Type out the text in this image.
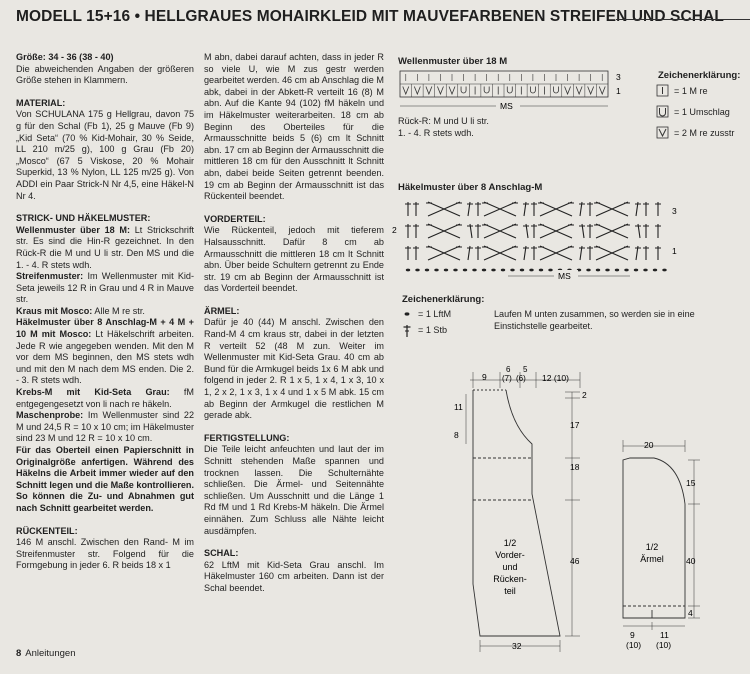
MODELL 15+16 • HELLGRAUES MOHAIRKLEID MIT MAUVEFARBENEN STREIFEN UND SCHAL

Größe: 34 - 36 (38 - 40)
Die abweichenden Angaben der größeren Größe stehen in Klammern.

MATERIAL:
Von SCHULANA 175 g Hellgrau, davon 75 g für den Schal (Fb 1), 25 g Mauve (Fb 9) „Kid Seta“ (70 % Kid-Mohair, 30 % Seide, LL 210 m/25 g), 100 g Grau (Fb 20) „Mosco“ (67 5 Viskose, 20 % Mohair Superkid, 13 % Nylon, LL 125 m/25 g). Von ADDI ein Paar Strick-N Nr 4,5, eine Häkel-N Nr 4.

STRICK- UND HÄKELMUSTER:
Wellenmuster über 18 M: Lt Strickschrift str. Es sind die Hin-R gezeichnet. In den Rück-R die M und U li str. Den MS und die 1. - 4. R stets wdh.
Streifenmuster: Im Wellenmuster mit Kid-Seta jeweils 12 R in Grau und 4 R in Mauve str.
Kraus mit Mosco: Alle M re str.
Häkelmuster über 8 Anschlag-M + 4 M + 10 M mit Mosco: Lt Häkelschrift arbeiten. Jede R wie angegeben wenden. Mit den M vor dem MS beginnen, den MS stets wdh und mit den M nach dem MS enden. Die 2. - 3. R stets wdh.
Krebs-M mit Kid-Seta Grau: fM entgegengesetzt von li nach re häkeln.
Maschenprobe: Im Wellenmuster sind 22 M und 24,5 R = 10 x 10 cm; im Häkelmuster sind 23 M und 12 R = 10 x 10 cm.
Für das Oberteil einen Papierschnitt in Originalgröße anfertigen. Während des Häkelns die Arbeit immer wieder auf den Schnitt legen und die Maße kontrollieren. So können die Zu- und Abnahmen gut nach Schnitt gearbeitet werden.

RÜCKENTEIL:
146 M anschl. Zwischen den Rand- M im Streifenmuster str. Folgend für die Formgebung in jeder 6. R beids 18 x 1

M abn, dabei darauf achten, dass in jeder R so viele U, wie M zus gestr werden gearbeitet werden. 46 cm ab Anschlag die M abk, dabei in der Abkett-R verteilt 16 (8) M abn. Auf die Kante 94 (102) fM häkeln und im Häkelmuster weiterarbeiten. 18 cm ab Beginn des Oberteiles für die Armausschnitte beids 5 (6) cm lt Schnitt abn. 17 cm ab Beginn der Armausschnitt die mittleren 18 cm für den Ausschnitt lt Schnitt abn, dabei beide Seiten getrennt beenden. 19 cm ab Beginn der Armausschnitt ist das Rückenteil beendet.

VORDERTEIL:
Wie Rückenteil, jedoch mit tieferem Halsausschnitt. Dafür 8 cm ab Armausschnitt die mittleren 18 cm lt Schnitt abn. Über beide Schultern getrennt zu Ende str. 19 cm ab Beginn der Armausschnitt ist das Vorderteil beendet.

ÄRMEL:
Dafür je 40 (44) M anschl. Zwischen den Rand-M 4 cm kraus str, dabei in der letzten R verteilt 52 (48 M zun. Weiter im Wellenmuster mit Kid-Seta Grau. 40 cm ab Bund für die Armkugel beids 1x 6 M abk und folgend in jeder 2. R 1 x 5, 1 x 4, 1 x 3, 10 x 1, 2 x 2, 1 x 3, 1 x 4 und 1 x 5 M abk. 15 cm ab Beginn der Armkugel die restlichen M gerade abk.

FERTIGSTELLUNG:
Die Teile leicht anfeuchten und laut der im Schnitt stehenden Maße spannen und trocknen lassen. Die Schulternähte schließen. Die Ärmel- und Seitennähte schließen. Um Ausschnitt und die Länge 1 Rd fM und 1 Rd Krebs-M häkeln. Die Ärmel einnähen. Zum Schluss alle Nähte leicht ausdämpfen.

SCHAL:
62 LftM mit Kid-Seta Grau anschl. Im Häkelmuster 160 cm arbeiten. Dann ist der Schal beendet.

Wellenmuster über 18 M
3
1
MS
Rück-R: M und U li str.
1. - 4. R stets wdh.
Zeichenerklärung:
= 1 M re
= 1 Umschlag
= 2 M re zusstr
Häkelmuster über 8 Anschlag-M
3
2
1
MS
Zeichenerklärung:
= 1 LftM
= 1 Stb
Laufen M unten zusammen, so werden sie in eine Einstichstelle gearbeitet.
9
6
(7) (6)
5
12 (10)
11
8
2
17
18
46
32
1/2
Vorder-
und
Rücken-
teil
20
15
40
4
9
(10)
11
(10)
1/2
Ärmel
8 Anleitungen
